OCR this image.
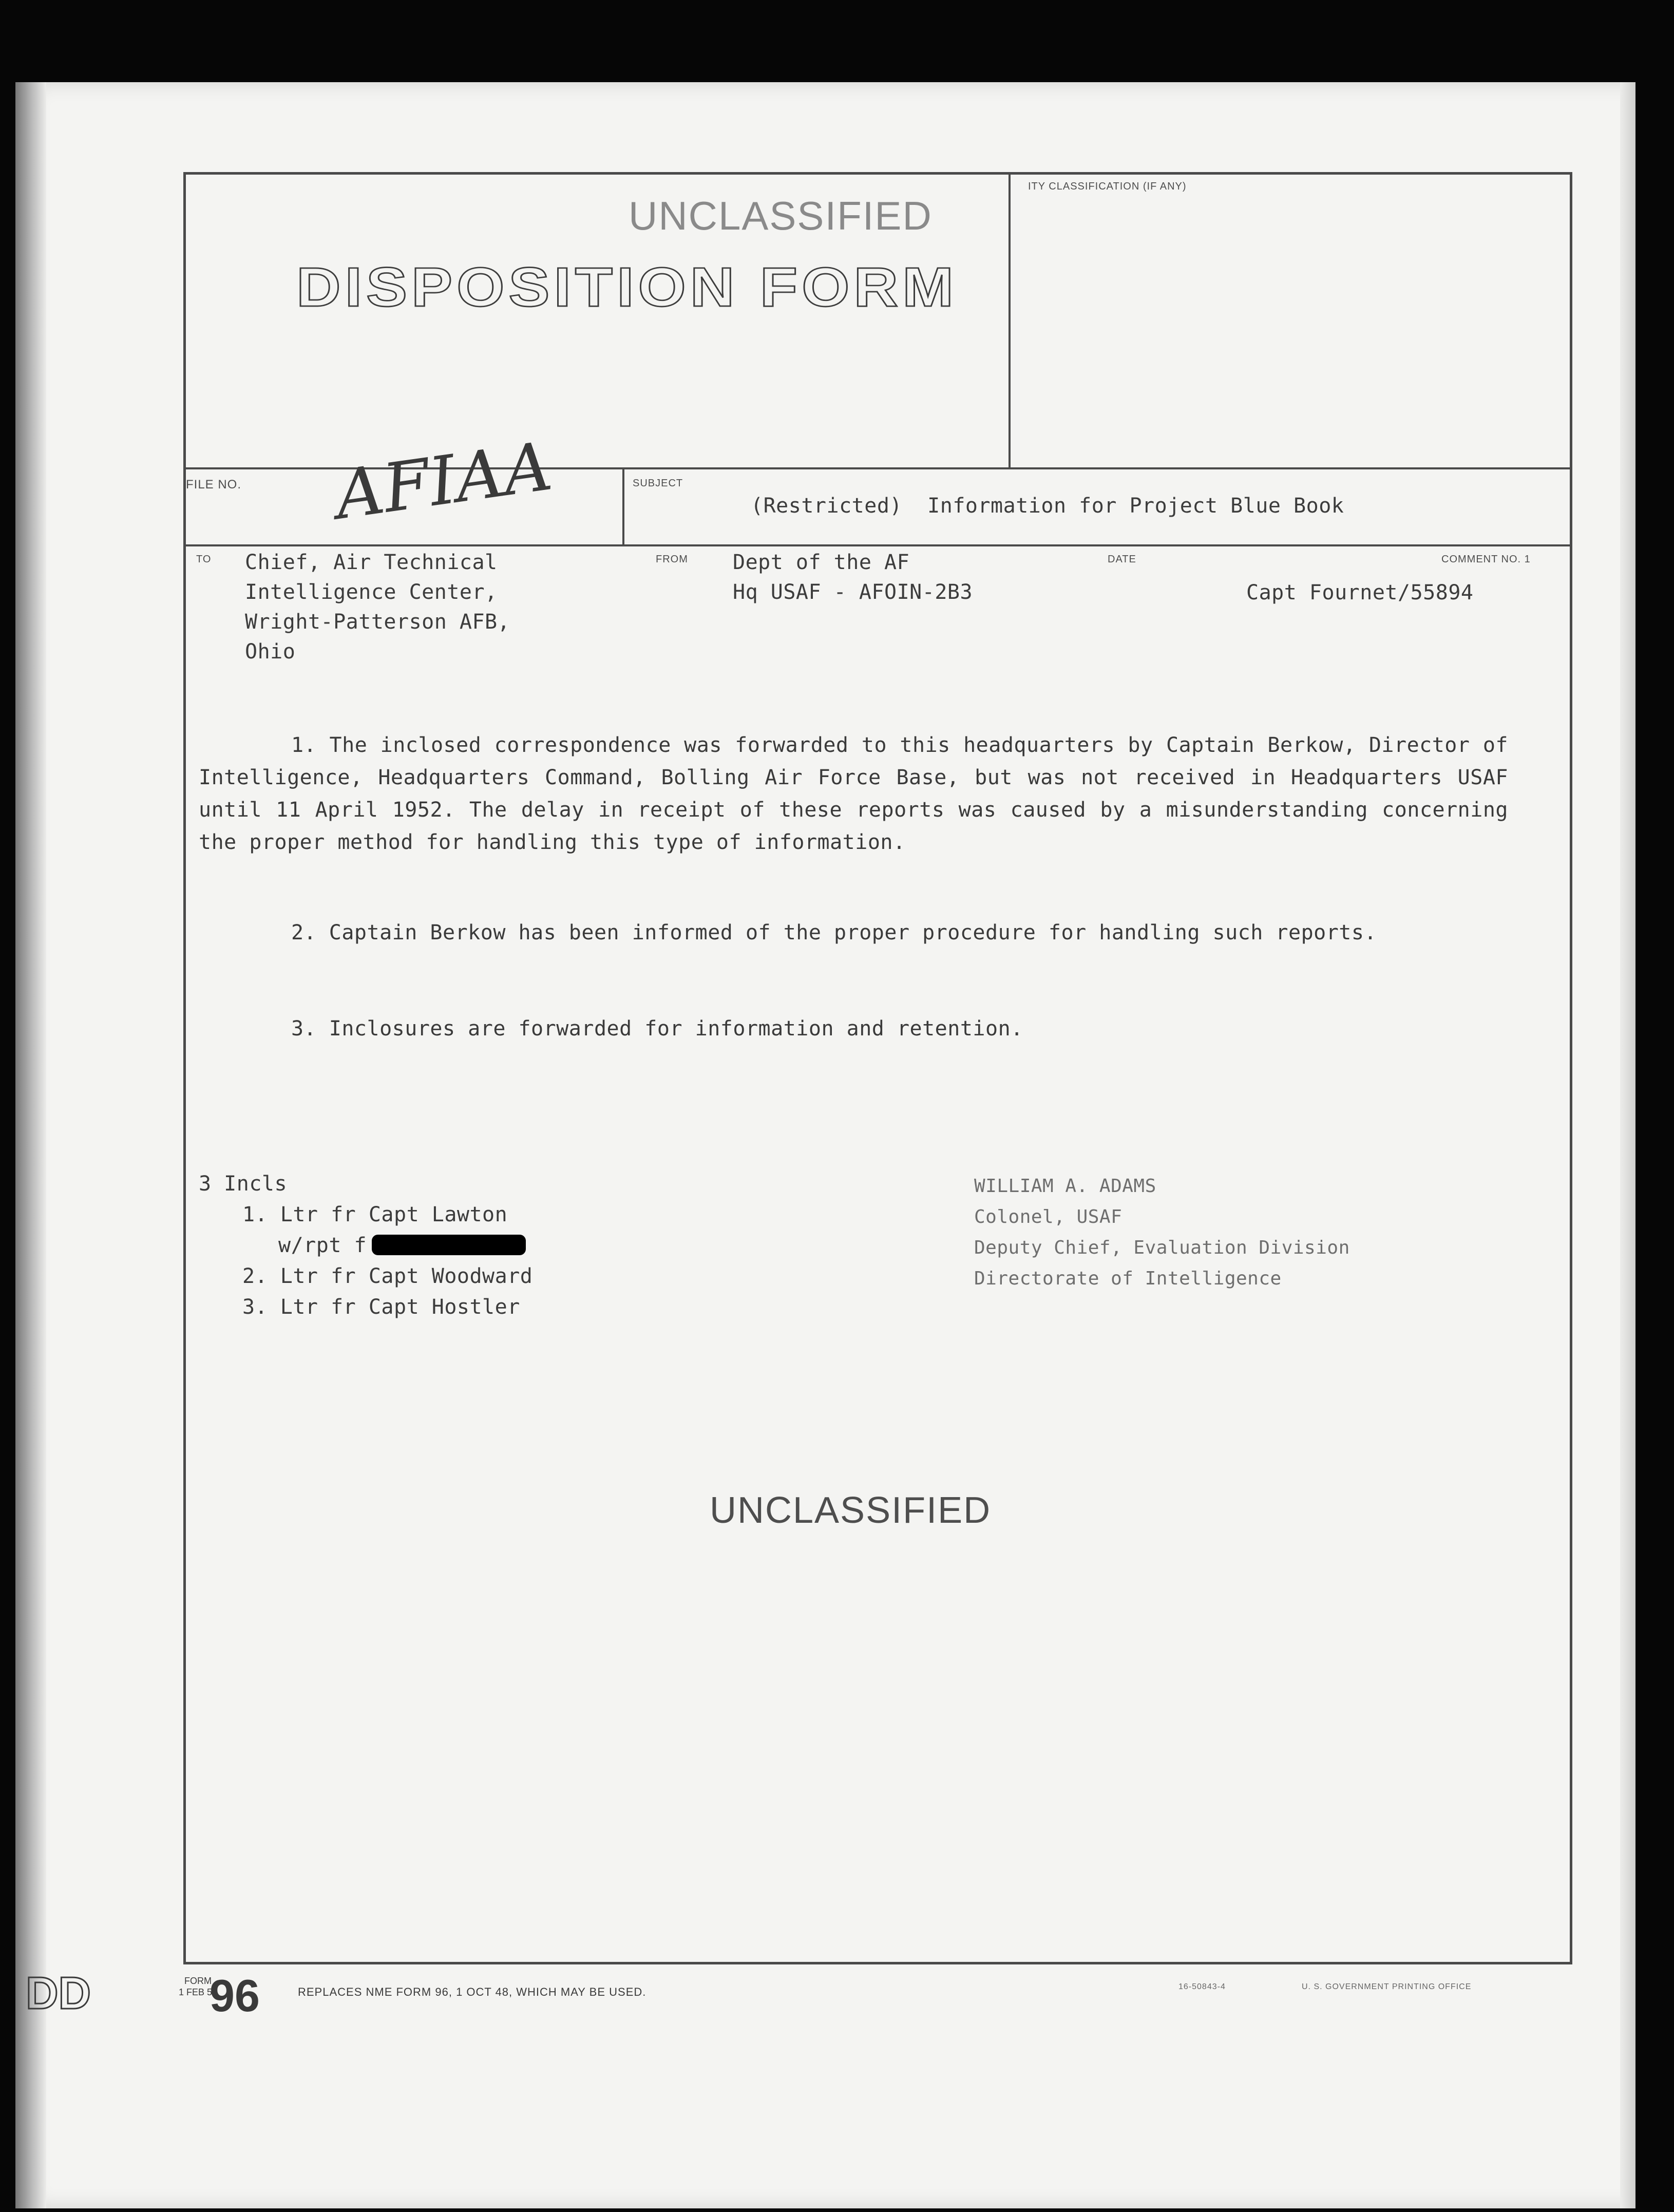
UNCLASSIFIED
DISPOSITION FORM
ITY CLASSIFICATION (IF ANY)
FILE NO. AFIAA	SUBJECT
(Restricted)  Information for Project Blue Book
TO Chief, Air Technical
Intelligence Center,
Wright-Patterson AFB,
Ohio
FROM Dept of the AF
Hq USAF - AFOIN-2B3
DATE	COMMENT NO. 1
Capt Fournet/55894
1. The inclosed correspondence was forwarded to this headquarters by Captain Berkow, Director of Intelligence, Headquarters Command, Bolling Air Force Base, but was not received in Headquarters USAF until 11 April 1952. The delay in receipt of these reports was caused by a misunderstanding concerning the proper method for handling this type of information.
2. Captain Berkow has been informed of the proper procedure for handling such reports.
3. Inclosures are forwarded for information and retention.
3 Incls
1. Ltr fr Capt Lawton
w/rpt f
2. Ltr fr Capt Woodward
3. Ltr fr Capt Hostler
WILLIAM A. ADAMS
Colonel, USAF
Deputy Chief, Evaluation Division
Directorate of Intelligence
UNCLASSIFIED
DD	FORM
1 FEB 50
96	REPLACES NME FORM 96, 1 OCT 48, WHICH MAY BE USED.	16-50843-4	U. S. GOVERNMENT PRINTING OFFICE
